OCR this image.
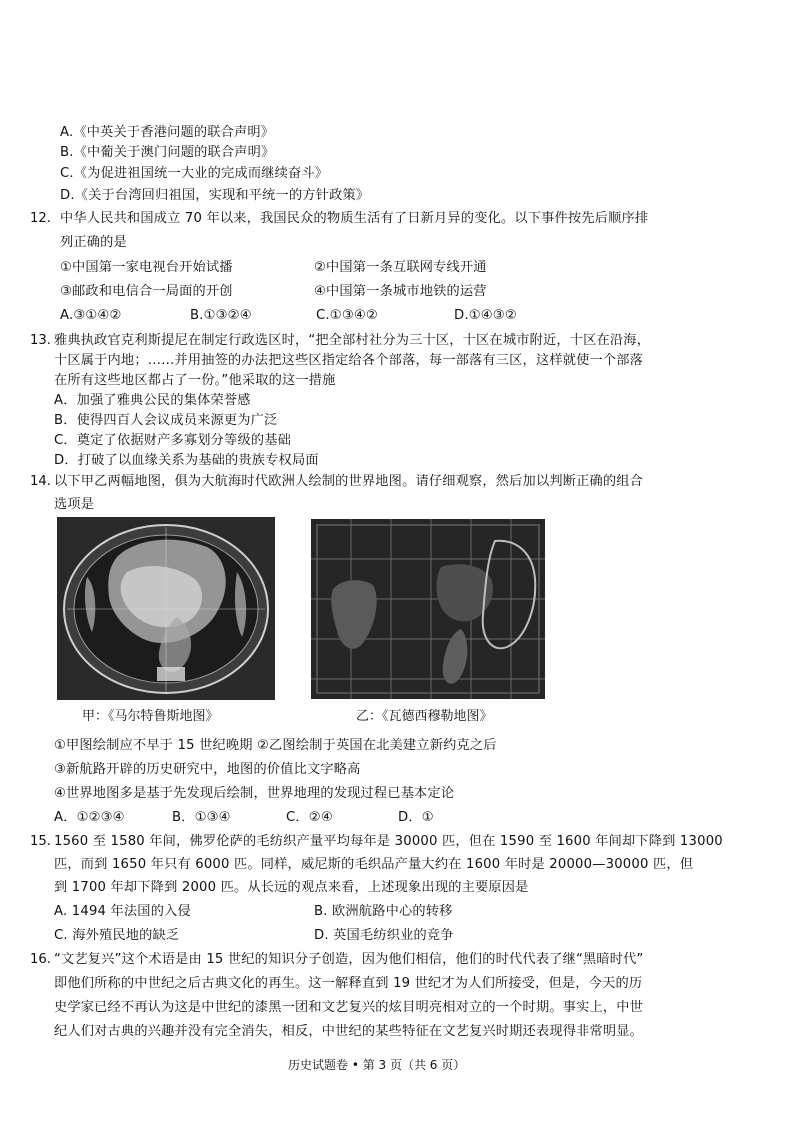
A.《中英关于香港问题的联合声明》
B.《中葡关于澳门问题的联合声明》
C.《为促进祖国统一大业的完成而继续奋斗》
D.《关于台湾回归祖国，实现和平统一的方针政策》
12. 中华人民共和国成立 70 年以来，我国民众的物质生活有了日新月异的变化。以下事件按先后顺序排
列正确的是
①中国第一家电视台开始试播	②中国第一条互联网专线开通
③邮政和电信合一局面的开创	④中国第一条城市地铁的运营
A.③①④②	B.①③②④	C.①③④②	D.①④③②
13. 雅典执政官克利斯提尼在制定行政选区时，“把全部村社分为三十区，十区在城市附近，十区在沿海，
十区属于内地；……并用抽签的办法把这些区指定给各个部落，每一部落有三区，这样就使一个部落
在所有这些地区都占了一份。”他采取的这一措施
A．加强了雅典公民的集体荣誉感
B．使得四百人会议成员来源更为广泛
C．奠定了依据财产多寡划分等级的基础
D．打破了以血缘关系为基础的贵族专权局面
14. 以下甲乙两幅地图，俱为大航海时代欧洲人绘制的世界地图。请仔细观察，然后加以判断正确的组合
选项是
甲：《马尔特鲁斯地图》	乙：《瓦德西穆勒地图》
①甲图绘制应不早于 15 世纪晚期 ②乙图绘制于英国在北美建立新约克之后
③新航路开辟的历史研究中，地图的价值比文字略高
④世界地图多是基于先发现后绘制，世界地理的发现过程已基本定论
A．①②③④	B．①③④	C．②④	D．①
15. 1560 至 1580 年间，佛罗伦萨的毛纺织产量平均每年是 30000 匹，但在 1590 至 1600 年间却下降到 13000
匹，而到 1650 年只有 6000 匹。同样，威尼斯的毛织品产量大约在 1600 年时是 20000—30000 匹，但
到 1700 年却下降到 2000 匹。从长远的观点来看，上述现象出现的主要原因是
A. 1494 年法国的入侵	B. 欧洲航路中心的转移
C. 海外殖民地的缺乏	D. 英国毛纺织业的竞争
16. “文艺复兴”这个术语是由 15 世纪的知识分子创造，因为他们相信，他们的时代代表了继“黑暗时代”
即他们所称的中世纪之后古典文化的再生。这一解释直到 19 世纪才为人们所接受，但是，今天的历
史学家已经不再认为这是中世纪的漆黑一团和文艺复兴的炫目明亮相对立的一个时期。事实上，中世
纪人们对古典的兴趣并没有完全消失，相反，中世纪的某些特征在文艺复兴时期还表现得非常明显。
历史试题卷 • 第 3 页（共 6 页）
